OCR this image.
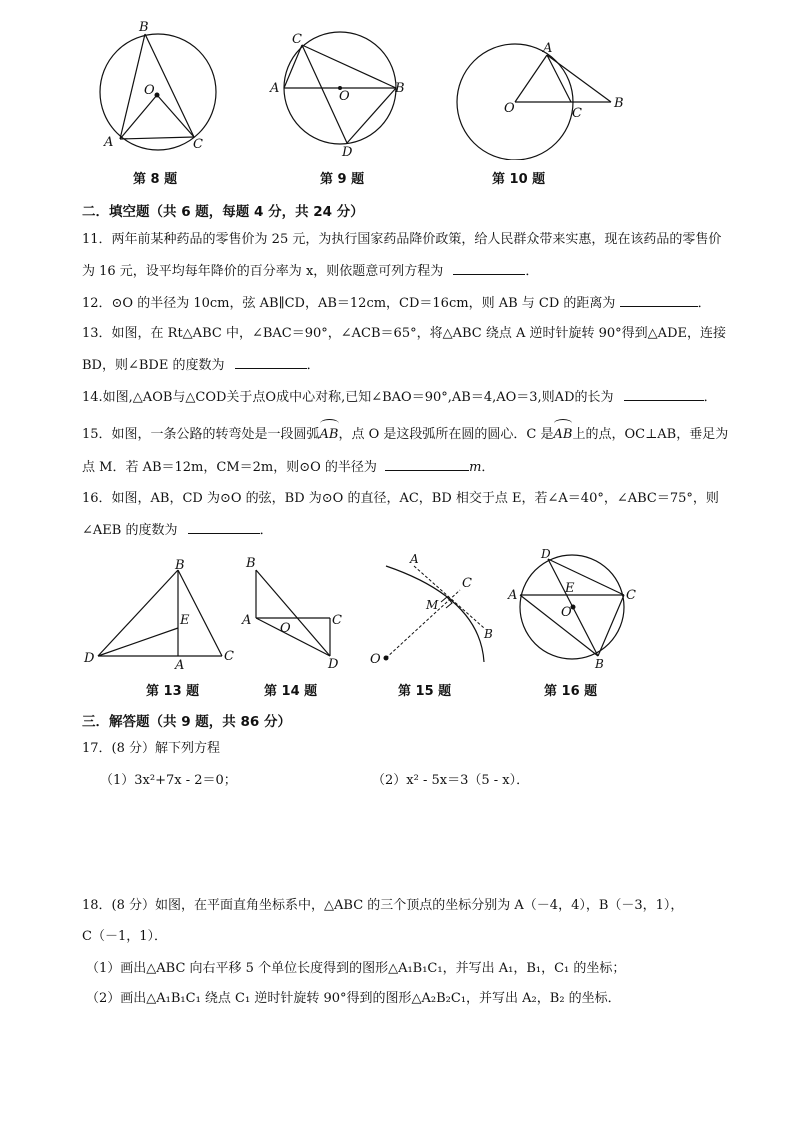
B
O
A	C
第 8 题
C
A
O
B
D
第 9 题
A
O	C
B
第 10 题
二．填空题（共 6 题，每题 4 分，共 24 分）
11．两年前某种药品的零售价为 25 元，为执行国家药品降价政策，给人民群众带来实惠，现在该药品的零售价
为 16 元，设平均每年降价的百分率为 x，则依题意可列方程为	．
12．⊙O 的半径为 10cm，弦 AB∥CD，AB＝12cm，CD＝16cm，则 AB 与 CD 的距离为	．
13．如图，在 Rt△ABC 中，∠BAC＝90°，∠ACB＝65°，将△ABC 绕点 A 逆时针旋转 90°得到△ADE，连接
BD，则∠BDE 的度数为	．
14.如图,△AOB与△COD关于点O成中心对称,已知∠BAO＝90°,AB＝4,AO＝3,则AD的长为	．
15．如图，一条公路的转弯处是一段圆弧
AB，点 O 是这段弧所在圆的圆心．C 是
AB上的点，OC⊥AB，垂足为
点 M．若 AB＝12m，CM＝2m，则⊙O 的半径为	m．
16．如图，AB，CD 为⊙O 的弦，BD 为⊙O 的直径，AC，BD 相交于点 E，若∠A＝40°，∠ABC＝75°，则
∠AEB 的度数为	．
B
E
D	A
C
第 13 题
B
A
O
C
D
第 14 题
A
C
M
B
O
第 15 题
D
A	E
O
C
B
第 16 题
三．解答题（共 9 题，共 86 分）
17．(8 分）解下列方程
（1）3x²+7x - 2＝0；	（2）x² - 5x＝3（5 - x）．
18．(8 分）如图，在平面直角坐标系中，△ABC 的三个顶点的坐标分别为 A（－4，4），B（－3，1），
C（－1，1）．
（1）画出△ABC 向右平移 5 个单位长度得到的图形△A₁B₁C₁，并写出 A₁，B₁，C₁ 的坐标；
（2）画出△A₁B₁C₁ 绕点 C₁ 逆时针旋转 90°得到的图形△A₂B₂C₁，并写出 A₂，B₂ 的坐标．
